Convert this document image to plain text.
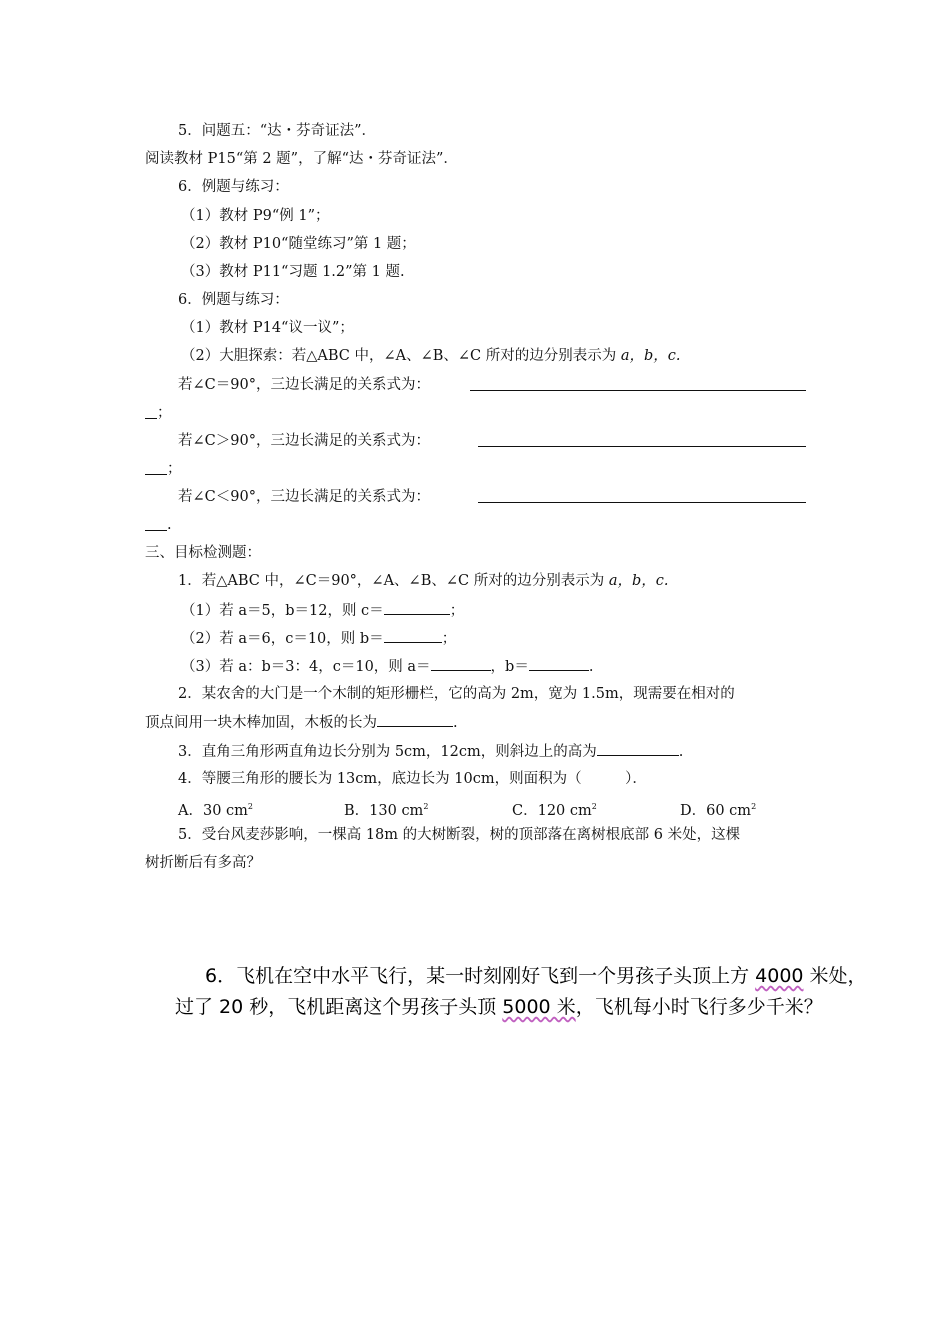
5．问题五：“达・芬奇证法”．
阅读教材 P15“第 2 题”，了解“达・芬奇证法”．
6．例题与练习：
（1）教材 P9“例 1”；
（2）教材 P10“随堂练习”第 1 题；
（3）教材 P11“习题 1.2”第 1 题.
6．例题与练习：
（1）教材 P14“议一议”；
（2）大胆探索：若△ABC 中，∠A、∠B、∠C 所对的边分别表示为 a，b，c.
若∠C＝90°，三边长满足的关系式为：
；
若∠C＞90°，三边长满足的关系式为：
；
若∠C＜90°，三边长满足的关系式为：
.
三、目标检测题：
1．若△ABC 中，∠C＝90°，∠A、∠B、∠C 所对的边分别表示为 a，b，c.
（1）若 a＝5，b＝12，则 c＝	；
（2）若 a＝6，c＝10，则 b＝	；
（3）若 a：b＝3：4，c＝10，则 a＝	，b＝	.
2．某农舍的大门是一个木制的矩形栅栏，它的高为 2m，宽为 1.5m，现需要在相对的
顶点间用一块木棒加固，木板的长为	.
3．直角三角形两直角边长分别为 5cm，12cm，则斜边上的高为	.
4．等腰三角形的腰长为 13cm，底边长为 10cm，则面积为（　　　）．
A．30 $cm^2$	B．130 $cm^2$	C．120 $cm^2$	D．60 $cm^2$
5．受台风麦莎影响，一棵高 18m 的大树断裂，树的顶部落在离树根底部 6 米处，这棵
树折断后有多高？
6．飞机在空中水平飞行，某一时刻刚好飞到一个男孩子头顶上方 4000 米处，
过了 20 秒，飞机距离这个男孩子头顶 5000 米，飞机每小时飞行多少千米？
